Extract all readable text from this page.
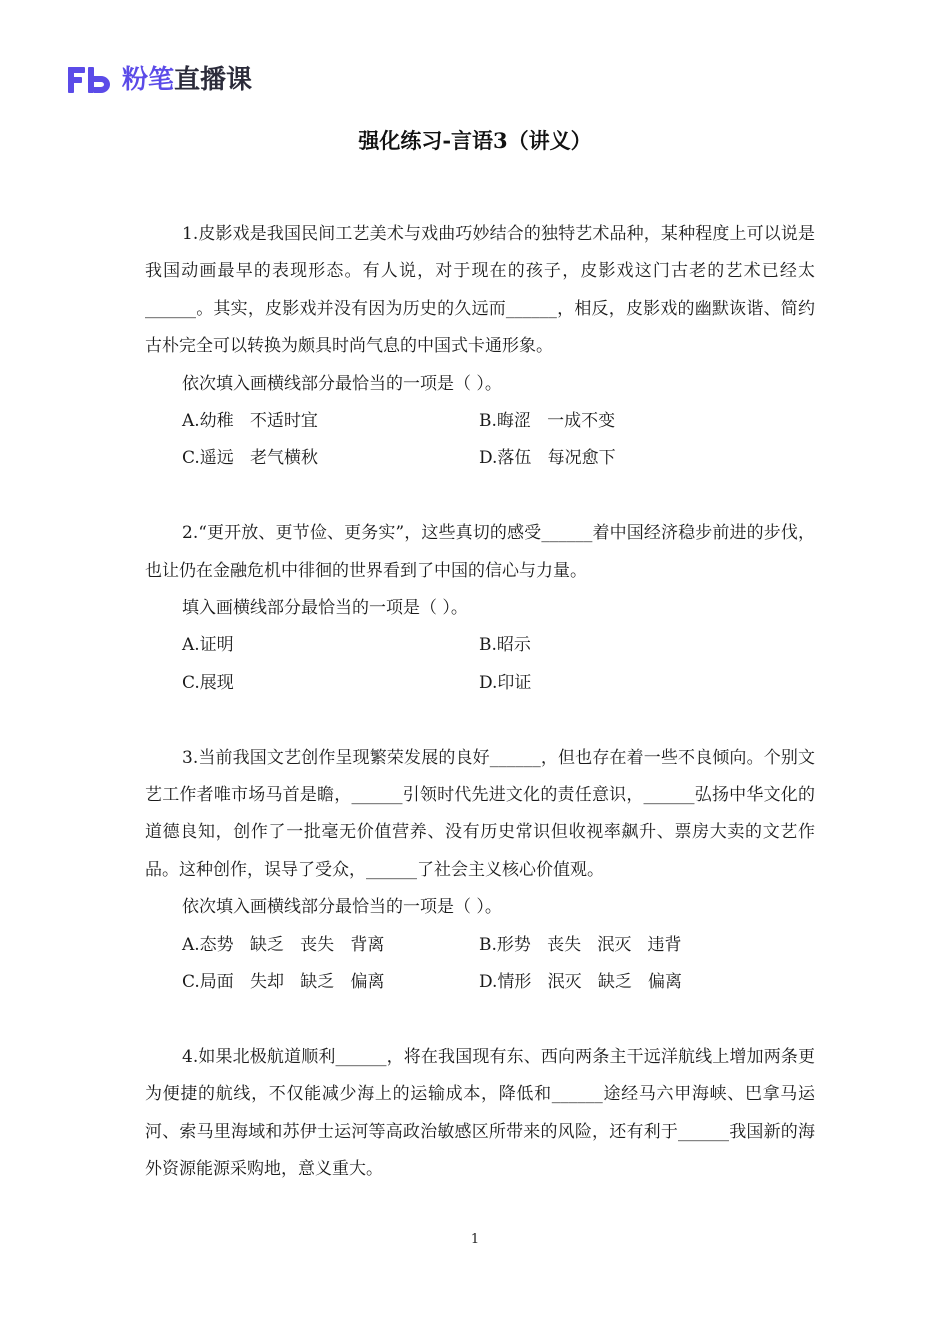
粉笔直播课
强化练习-言语3（讲义）

1.皮影戏是我国民间工艺美术与戏曲巧妙结合的独特艺术品种，某种程度上可以说是我国动画最早的表现形态。有人说，对于现在的孩子，皮影戏这门古老的艺术已经太______。其实，皮影戏并没有因为历史的久远而______，相反，皮影戏的幽默诙谐、简约古朴完全可以转换为颇具时尚气息的中国式卡通形象。

依次填入画横线部分最恰当的一项是（ ）。

A.幼稚   不适时宜	B.晦涩   一成不变
C.遥远   老气横秋	D.落伍   每况愈下

2.“更开放、更节俭、更务实”，这些真切的感受______着中国经济稳步前进的步伐，也让仍在金融危机中徘徊的世界看到了中国的信心与力量。

填入画横线部分最恰当的一项是（ ）。

A.证明	B.昭示
C.展现	D.印证

3.当前我国文艺创作呈现繁荣发展的良好______，但也存在着一些不良倾向。个别文艺工作者唯市场马首是瞻，______引领时代先进文化的责任意识，______弘扬中华文化的道德良知，创作了一批毫无价值营养、没有历史常识但收视率飙升、票房大卖的文艺作品。这种创作，误导了受众，______了社会主义核心价值观。

依次填入画横线部分最恰当的一项是（ ）。

A.态势   缺乏   丧失   背离	B.形势   丧失   泯灭   违背
C.局面   失却   缺乏   偏离	D.情形   泯灭   缺乏   偏离

4.如果北极航道顺利______，将在我国现有东、西向两条主干远洋航线上增加两条更为便捷的航线，不仅能减少海上的运输成本，降低和______途经马六甲海峡、巴拿马运河、索马里海域和苏伊士运河等高政治敏感区所带来的风险，还有利于______我国新的海外资源能源采购地，意义重大。

1
